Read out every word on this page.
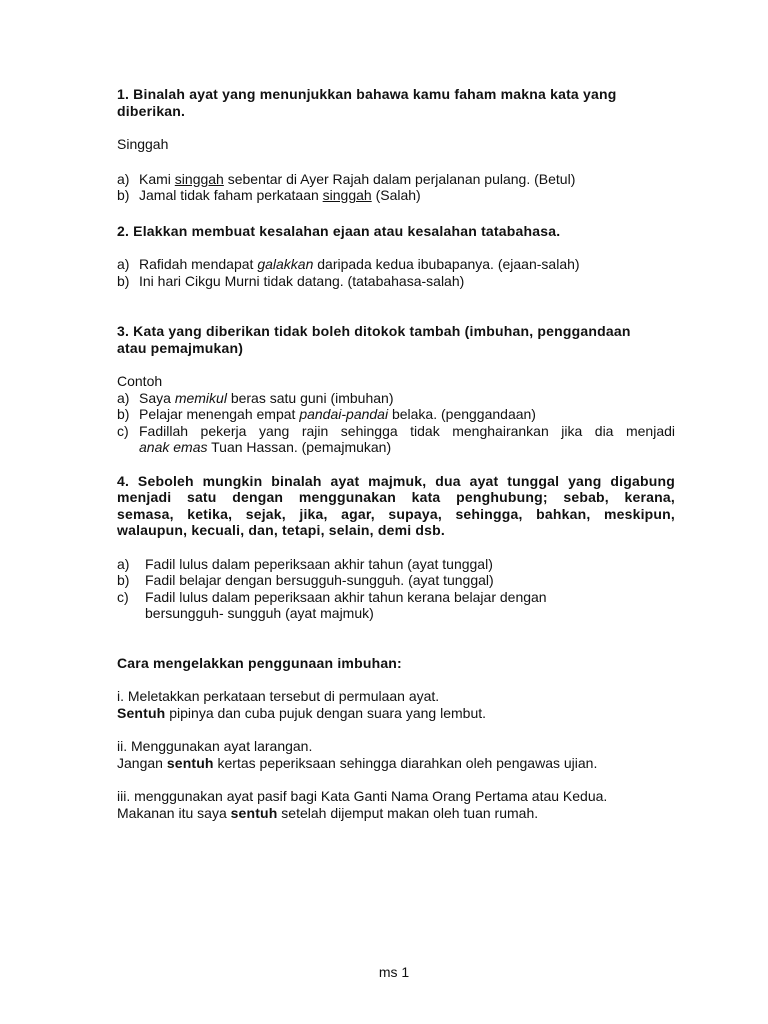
1. Binalah ayat yang menunjukkan bahawa kamu faham makna kata yang
diberikan.
Singgah
a) Kami singgah sebentar di Ayer Rajah dalam perjalanan pulang. (Betul)
b) Jamal tidak faham perkataan singgah (Salah)
2. Elakkan membuat kesalahan ejaan atau kesalahan tatabahasa.
a) Rafidah mendapat galakkan daripada kedua ibubapanya. (ejaan-salah)
b) Ini hari Cikgu Murni tidak datang. (tatabahasa-salah)
3. Kata yang diberikan tidak boleh ditokok tambah (imbuhan, penggandaan
atau pemajmukan)
Contoh
a) Saya memikul beras satu guni (imbuhan)
b) Pelajar menengah empat pandai-pandai belaka. (penggandaan)
c) Fadillah pekerja yang rajin sehingga tidak menghairankan jika dia menjadi
anak emas Tuan Hassan. (pemajmukan)
4. Seboleh mungkin binalah ayat majmuk, dua ayat tunggal yang digabung
menjadi satu dengan menggunakan kata penghubung; sebab, kerana,
semasa, ketika, sejak, jika, agar, supaya, sehingga, bahkan, meskipun,
walaupun, kecuali, dan, tetapi, selain, demi dsb.
a)	Fadil lulus dalam peperiksaan akhir tahun (ayat tunggal)
b)	Fadil belajar dengan bersugguh-sungguh. (ayat tunggal)
c)	Fadil lulus dalam peperiksaan akhir tahun kerana belajar dengan
bersungguh- sungguh (ayat majmuk)
Cara mengelakkan penggunaan imbuhan:
i. Meletakkan perkataan tersebut di permulaan ayat.
Sentuh pipinya dan cuba pujuk dengan suara yang lembut.
ii. Menggunakan ayat larangan.
Jangan sentuh kertas peperiksaan sehingga diarahkan oleh pengawas ujian.
iii. menggunakan ayat pasif bagi Kata Ganti Nama Orang Pertama atau Kedua.
Makanan itu saya sentuh setelah dijemput makan oleh tuan rumah.
ms 1
